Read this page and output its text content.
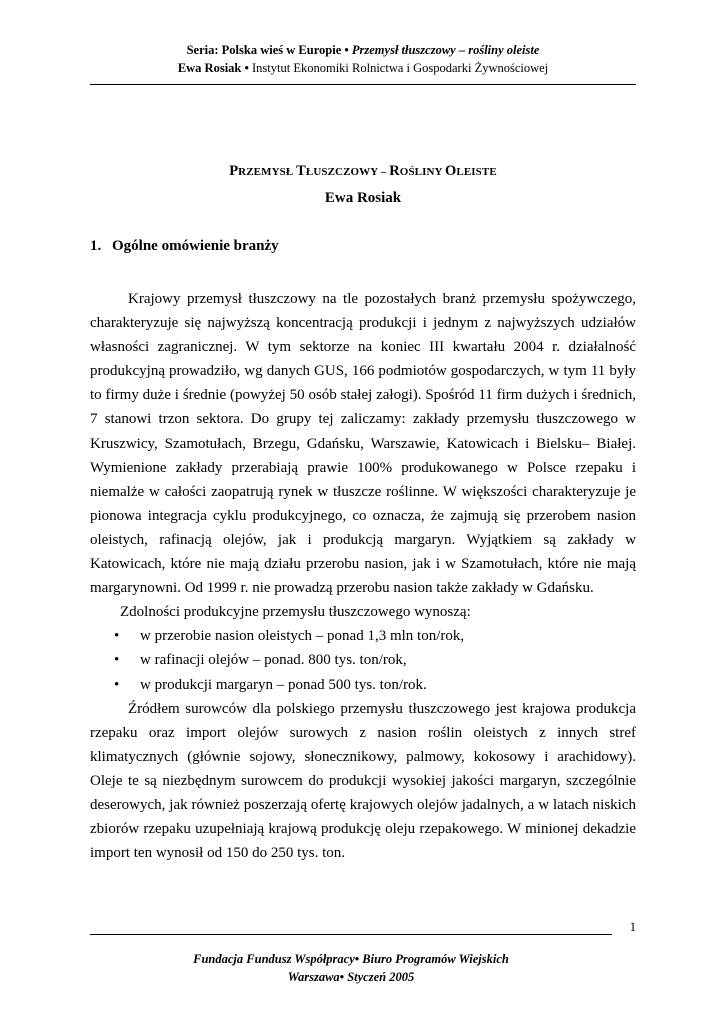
Seria: Polska wieś w Europie • Przemysł tłuszczowy – rośliny oleiste
Ewa Rosiak • Instytut Ekonomiki Rolnictwa i Gospodarki Żywnościowej
PRZEMYSŁ TŁUSZCZOWY – ROŚLINY OLEISTE
Ewa Rosiak
1. Ogólne omówienie branży

Krajowy przemysł tłuszczowy na tle pozostałych branż przemysłu spożywczego, charakteryzuje się najwyższą koncentracją produkcji i jednym z najwyższych udziałów własności zagranicznej. W tym sektorze na koniec III kwartału 2004 r. działalność produkcyjną prowadziło, wg danych GUS, 166 podmiotów gospodarczych, w tym 11 były to firmy duże i średnie (powyżej 50 osób stałej załogi). Spośród 11 firm dużych i średnich, 7 stanowi trzon sektora. Do grupy tej zaliczamy: zakłady przemysłu tłuszczowego w Kruszwicy, Szamotułach, Brzegu, Gdańsku, Warszawie, Katowicach i Bielsku– Białej. Wymienione zakłady przerabiają prawie 100% produkowanego w Polsce rzepaku i niemalże w całości zaopatrują rynek w tłuszcze roślinne. W większości charakteryzuje je pionowa integracja cyklu produkcyjnego, co oznacza, że zajmują się przerobem nasion oleistych, rafinacją olejów, jak i produkcją margaryn. Wyjątkiem są zakłady w Katowicach, które nie mają działu przerobu nasion, jak i w Szamotułach, które nie mają margarynowni. Od 1999 r. nie prowadzą przerobu nasion także zakłady w Gdańsku.

Zdolności produkcyjne przemysłu tłuszczowego wynoszą:

• w przerobie nasion oleistych – ponad 1,3 mln ton/rok,
• w rafinacji olejów – ponad. 800 tys. ton/rok,
• w produkcji margaryn – ponad 500 tys. ton/rok.

Źródłem surowców dla polskiego przemysłu tłuszczowego jest krajowa produkcja rzepaku oraz import olejów surowych z nasion roślin oleistych z innych stref klimatycznych (głównie sojowy, słonecznikowy, palmowy, kokosowy i arachidowy). Oleje te są niezbędnym surowcem do produkcji wysokiej jakości margaryn, szczególnie deserowych, jak również poszerzają ofertę krajowych olejów jadalnych, a w latach niskich zbiorów rzepaku uzupełniają krajową produkcję oleju rzepakowego. W minionej dekadzie import ten wynosił od 150 do 250 tys. ton.

1
Fundacja Fundusz Współpracy• Biuro Programów Wiejskich
Warszawa• Styczeń 2005
